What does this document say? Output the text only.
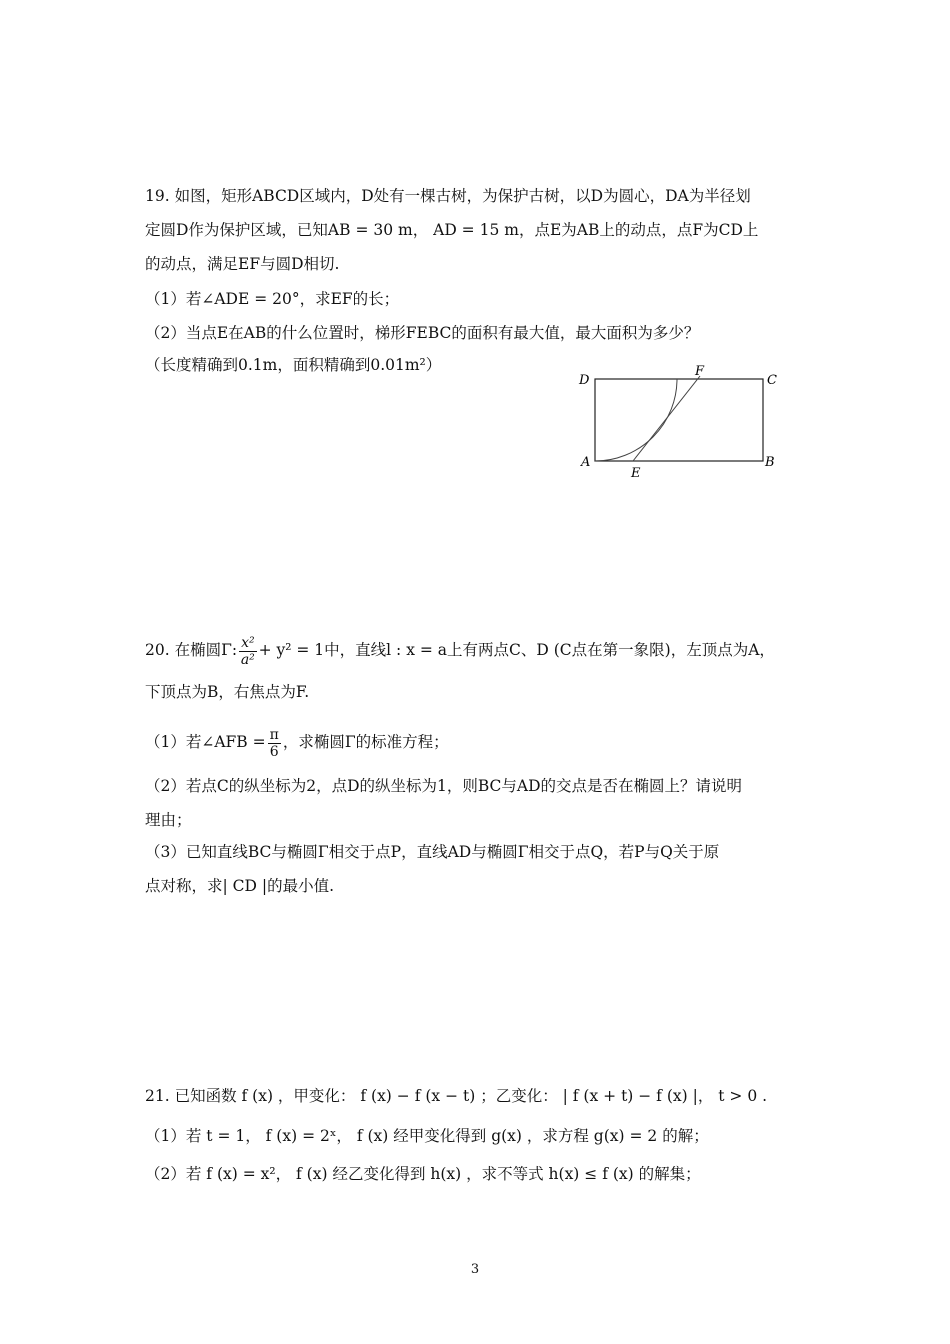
19. 如图，矩形ABCD区域内，D处有一棵古树，为保护古树，以D为圆心，DA为半径划
定圆D作为保护区域，已知AB = 30 m， AD = 15 m，点E为AB上的动点，点F为CD上
的动点，满足EF与圆D相切.
（1）若∠ADE = 20°，求EF的长；
（2）当点E在AB的什么位置时，梯形FEBC的面积有最大值，最大面积为多少？
（长度精确到0.1m，面积精确到0.01m²）
D	C
A	B
E
F
20. 在椭圆Γ: $\frac{\text{x²}}{\text{a²}} + y^2 = 1$中，直线l : x = a上有两点C、D (C点在第一象限)，左顶点为A，
下顶点为B，右焦点为F.
（1）若∠AFB = $\frac{\pi}{6}$ ，求椭圆Γ的标准方程；
（2）若点C的纵坐标为2，点D的纵坐标为1，则BC与AD的交点是否在椭圆上？请说明
理由；
（3）已知直线BC与椭圆Γ相交于点P，直线AD与椭圆Γ相交于点Q，若P与Q关于原
点对称，求| CD |的最小值.
21. 已知函数 f (x) ，甲变化： f (x) − f (x − t) ；乙变化： | f (x + t) − f (x) |， t > 0 .
（1）若 t = 1， f (x) = 2ˣ， f (x) 经甲变化得到 g(x) ，求方程 g(x) = 2 的解；
（2）若 f (x) = x²， f (x) 经乙变化得到 h(x) ，求不等式 h(x) ≤ f (x) 的解集；
3
